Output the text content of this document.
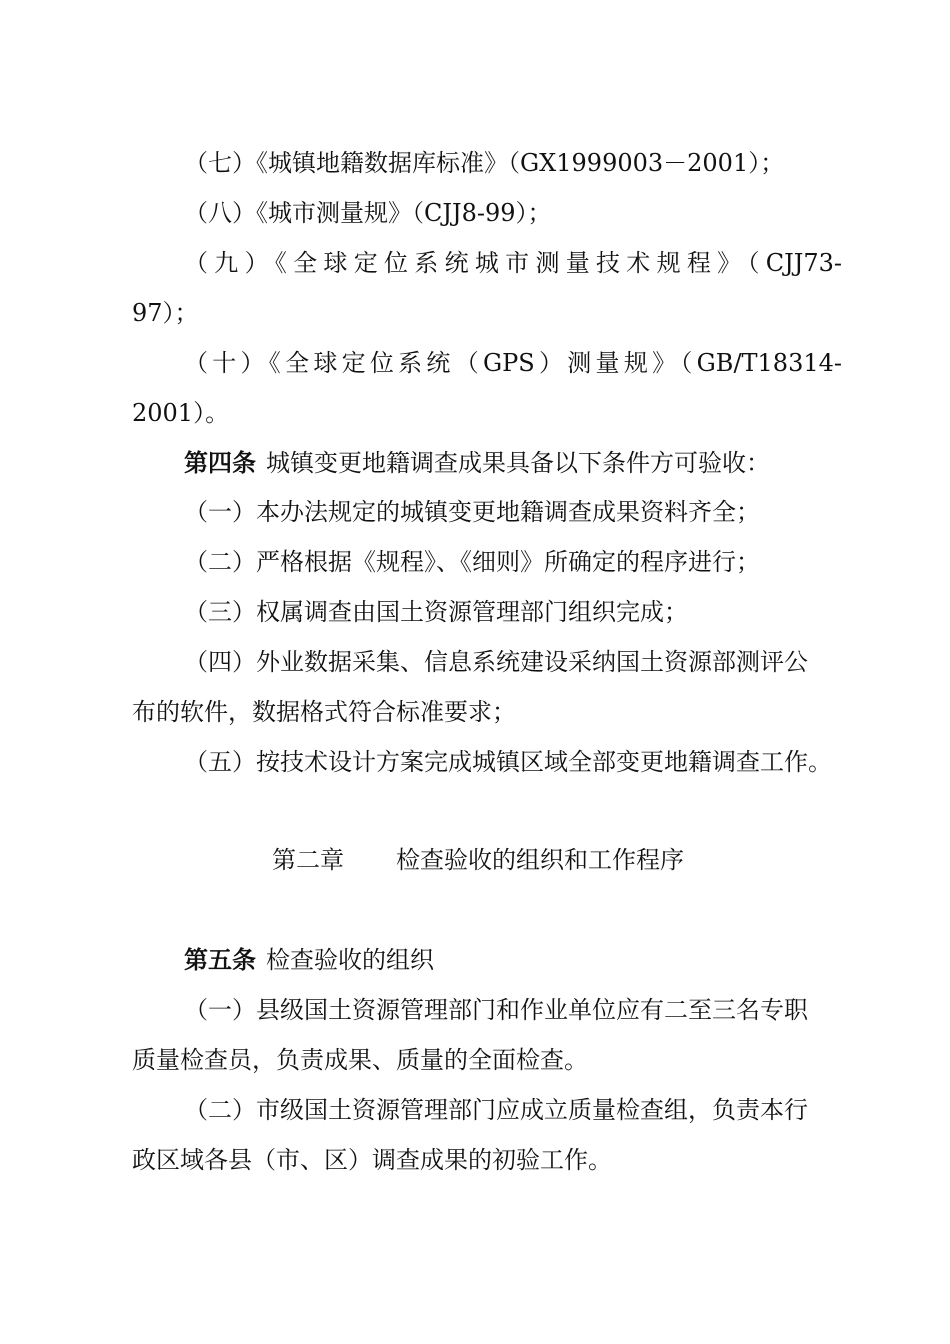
（七）《城镇地籍数据库标准》（GX1999003－2001）；

（八）《城市测量规》（CJJ8-99）；

（九）《全球定位系统城市测量技术规程》（CJJ73-

97）；

（十）《全球定位系统（GPS）测量规》（GB/T18314-

2001）。

第四条 城镇变更地籍调查成果具备以下条件方可验收：

（一）本办法规定的城镇变更地籍调查成果资料齐全；

（二）严格根据《规程》、《细则》所确定的程序进行；

（三）权属调查由国土资源管理部门组织完成；

（四）外业数据采集、信息系统建设采纳国土资源部测评公

布的软件，数据格式符合标准要求；

（五）按技术设计方案完成城镇区域全部变更地籍调查工作。

第二章 检查验收的组织和工作程序

第五条 检查验收的组织

（一）县级国土资源管理部门和作业单位应有二至三名专职

质量检查员，负责成果、质量的全面检查。

（二）市级国土资源管理部门应成立质量检查组，负责本行

政区域各县（市、区）调查成果的初验工作。
